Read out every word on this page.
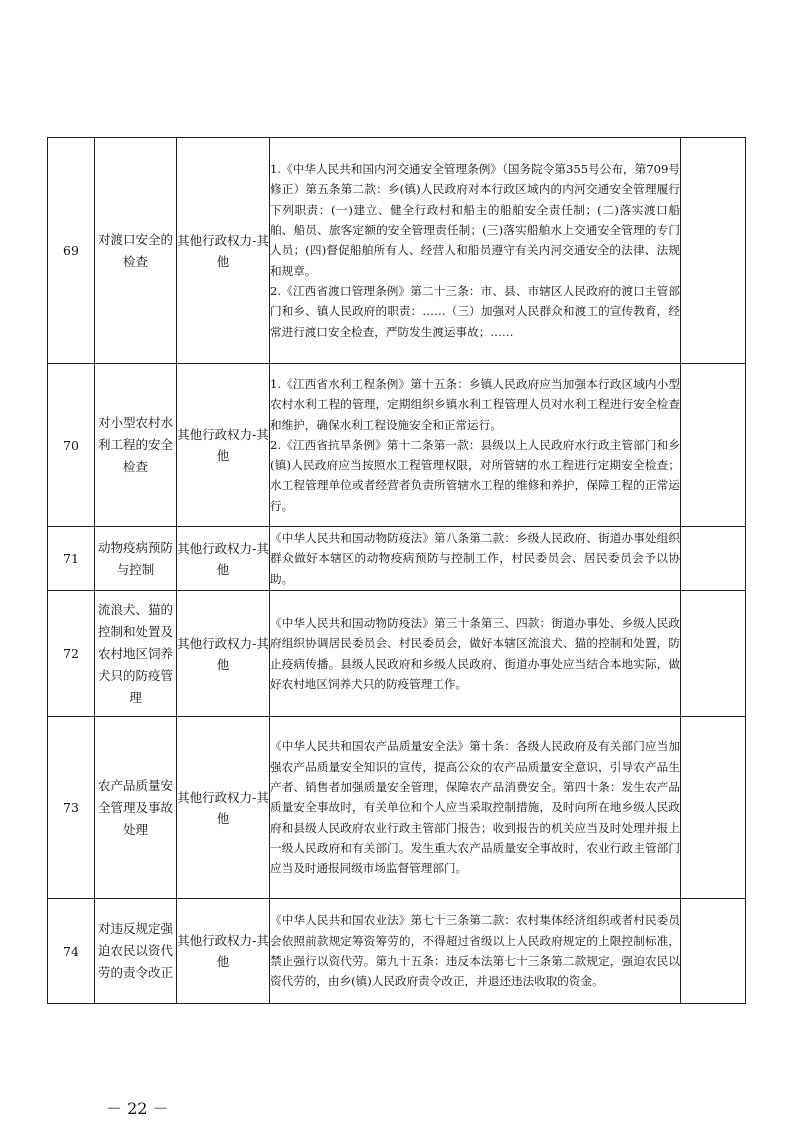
69	对渡口安全的检查	其他行政权力-其他	1.《中华人民共和国内河交通安全管理条例》（国务院令第355号公布，第709号修正）第五条第二款：乡(镇)人民政府对本行政区域内的内河交通安全管理履行下列职责：(一)建立、健全行政村和船主的船舶安全责任制；(二)落实渡口船舶、船员、旅客定额的安全管理责任制；(三)落实船舶水上交通安全管理的专门人员；(四)督促船舶所有人、经营人和船员遵守有关内河交通安全的法律、法规和规章。

2.《江西省渡口管理条例》第二十三条：市、县、市辖区人民政府的渡口主管部门和乡、镇人民政府的职责：……（三）加强对人民群众和渡工的宣传教育，经常进行渡口安全检查，严防发生渡运事故；……	

70	对小型农村水利工程的安全检查	其他行政权力-其他	1.《江西省水利工程条例》第十五条：乡镇人民政府应当加强本行政区域内小型农村水利工程的管理，定期组织乡镇水利工程管理人员对水利工程进行安全检查和维护，确保水利工程设施安全和正常运行。

2.《江西省抗旱条例》第十二条第一款：县级以上人民政府水行政主管部门和乡(镇)人民政府应当按照水工程管理权限，对所管辖的水工程进行定期安全检查；水工程管理单位或者经营者负责所管辖水工程的维修和养护，保障工程的正常运行。	

71	动物疫病预防与控制	其他行政权力-其他	《中华人民共和国动物防疫法》第八条第二款：乡级人民政府、街道办事处组织群众做好本辖区的动物疫病预防与控制工作，村民委员会、居民委员会予以协助。	

72	流浪犬、猫的控制和处置及农村地区饲养犬只的防疫管理	其他行政权力-其他	《中华人民共和国动物防疫法》第三十条第三、四款：街道办事处、乡级人民政府组织协调居民委员会、村民委员会，做好本辖区流浪犬、猫的控制和处置，防止疫病传播。县级人民政府和乡级人民政府、街道办事处应当结合本地实际，做好农村地区饲养犬只的防疫管理工作。	

73	农产品质量安全管理及事故处理	其他行政权力-其他	《中华人民共和国农产品质量安全法》第十条：各级人民政府及有关部门应当加强农产品质量安全知识的宣传，提高公众的农产品质量安全意识，引导农产品生产者、销售者加强质量安全管理，保障农产品消费安全。第四十条：发生农产品质量安全事故时，有关单位和个人应当采取控制措施，及时向所在地乡级人民政府和县级人民政府农业行政主管部门报告；收到报告的机关应当及时处理并报上一级人民政府和有关部门。发生重大农产品质量安全事故时，农业行政主管部门应当及时通报同级市场监督管理部门。	

74	对违反规定强迫农民以资代劳的责令改正	其他行政权力-其他	《中华人民共和国农业法》第七十三条第二款：农村集体经济组织或者村民委员会依照前款规定筹资筹劳的，不得超过省级以上人民政府规定的上限控制标准，禁止强行以资代劳。第九十五条：违反本法第七十三条第二款规定，强迫农民以资代劳的，由乡(镇)人民政府责令改正，并退还违法收取的资金。	

－ 22 －
